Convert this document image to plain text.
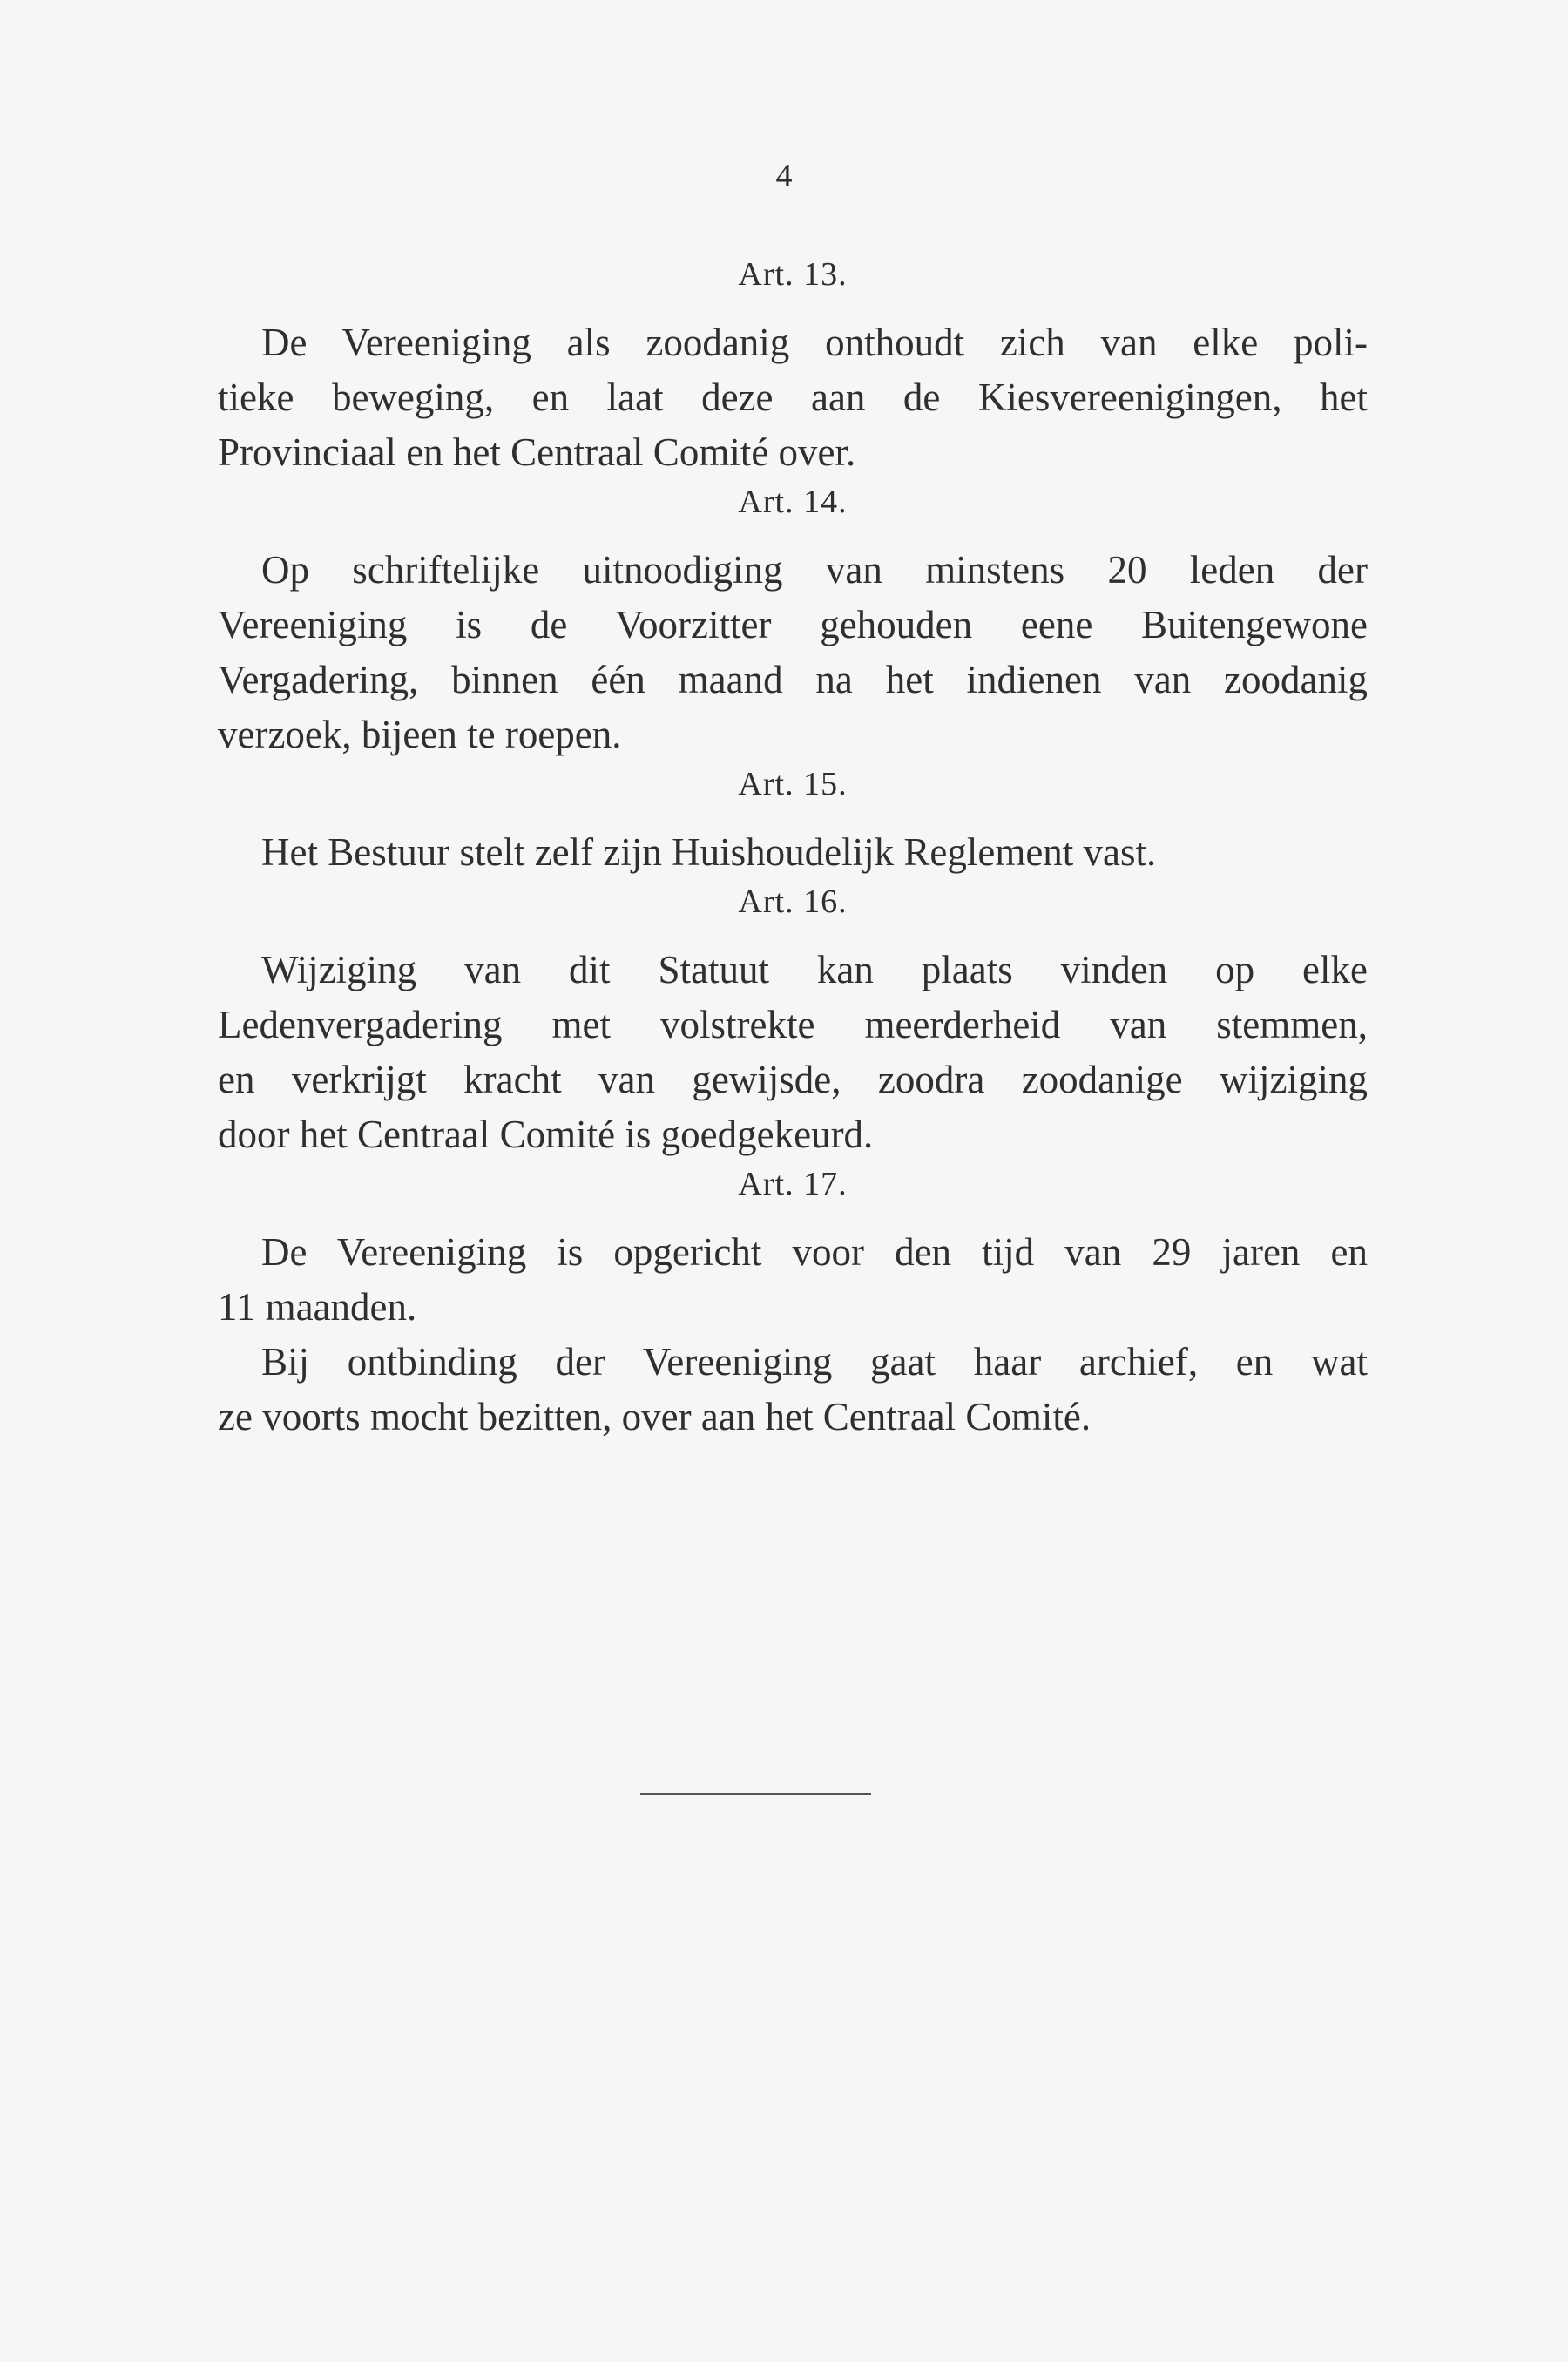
4
Art. 13.

De Vereeniging als zoodanig onthoudt zich van elke poli-
tieke beweging, en laat deze aan de Kiesvereenigingen, het
Provinciaal en het Centraal Comité over.

Art. 14.

Op schriftelijke uitnoodiging van minstens 20 leden der
Vereeniging is de Voorzitter gehouden eene Buitengewone
Vergadering, binnen één maand na het indienen van zoodanig
verzoek, bijeen te roepen.

Art. 15.

Het Bestuur stelt zelf zijn Huishoudelijk Reglement vast.

Art. 16.

Wijziging van dit Statuut kan plaats vinden op elke
Ledenvergadering met volstrekte meerderheid van stemmen,
en verkrijgt kracht van gewijsde, zoodra zoodanige wijziging
door het Centraal Comité is goedgekeurd.

Art. 17.

De Vereeniging is opgericht voor den tijd van 29 jaren en
11 maanden.

Bij ontbinding der Vereeniging gaat haar archief, en wat
ze voorts mocht bezitten, over aan het Centraal Comité.
